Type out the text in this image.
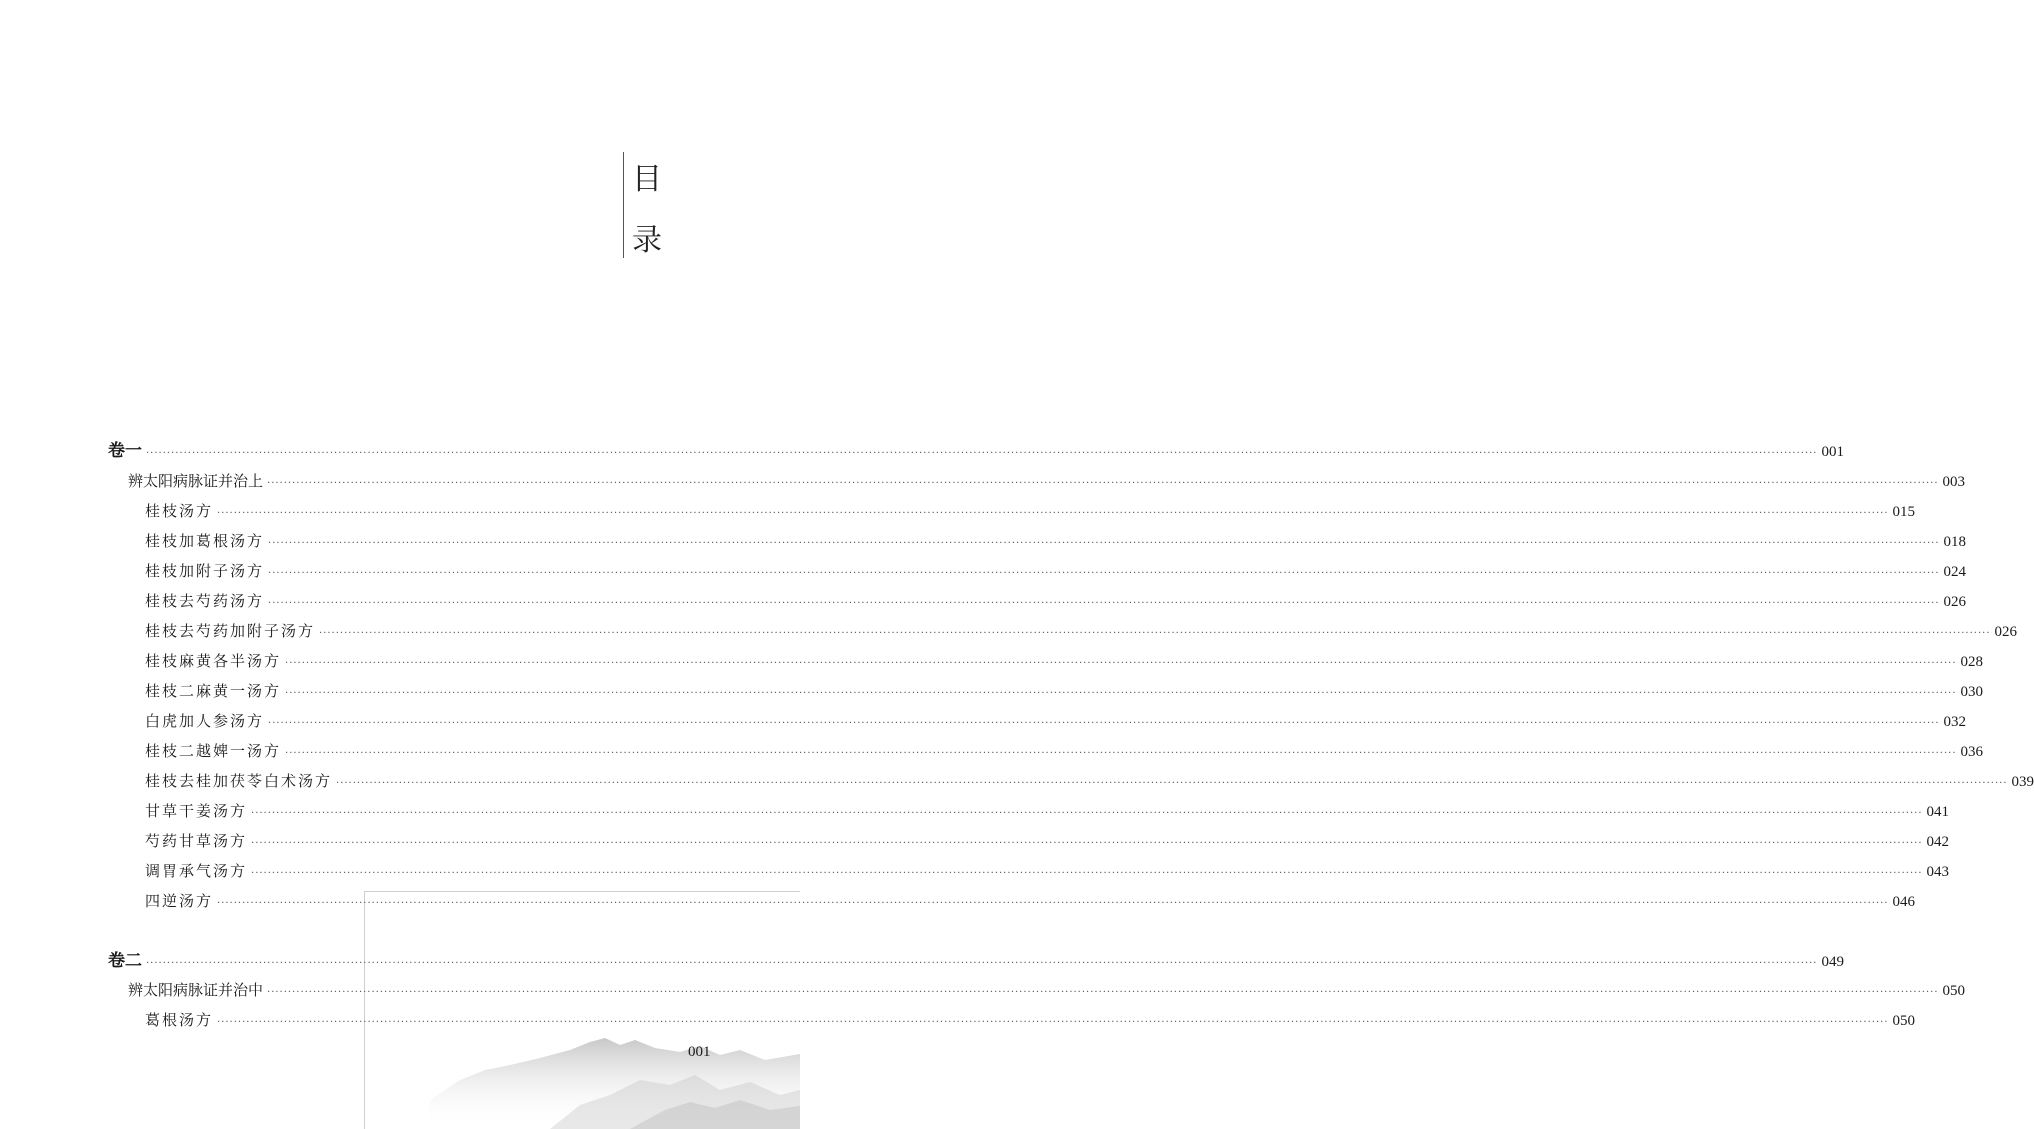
目
录
卷一 ················································································································································································································································································································································································································ 001
辨太阳病脉证并治上 ················································································································································································································································································································································································································ 003
桂枝汤方 ················································································································································································································································································································································································································ 015
桂枝加葛根汤方 ················································································································································································································································································································································································································ 018
桂枝加附子汤方 ················································································································································································································································································································································································································ 024
桂枝去芍药汤方 ················································································································································································································································································································································································································ 026
桂枝去芍药加附子汤方 ················································································································································································································································································································································································································ 026
桂枝麻黄各半汤方 ················································································································································································································································································································································································································ 028
桂枝二麻黄一汤方 ················································································································································································································································································································································································································ 030
白虎加人参汤方 ················································································································································································································································································································································································································ 032
桂枝二越婢一汤方 ················································································································································································································································································································································································································ 036
桂枝去桂加茯苓白术汤方 ················································································································································································································································································································································································································ 039
甘草干姜汤方 ················································································································································································································································································································································································································ 041
芍药甘草汤方 ················································································································································································································································································································································································································ 042
调胃承气汤方 ················································································································································································································································································································································································································ 043
四逆汤方 ················································································································································································································································································································································································································ 046
卷二 ················································································································································································································································································································································································································ 049
辨太阳病脉证并治中 ················································································································································································································································································································································································································ 050
葛根汤方 ················································································································································································································································································································································································································ 050
001
